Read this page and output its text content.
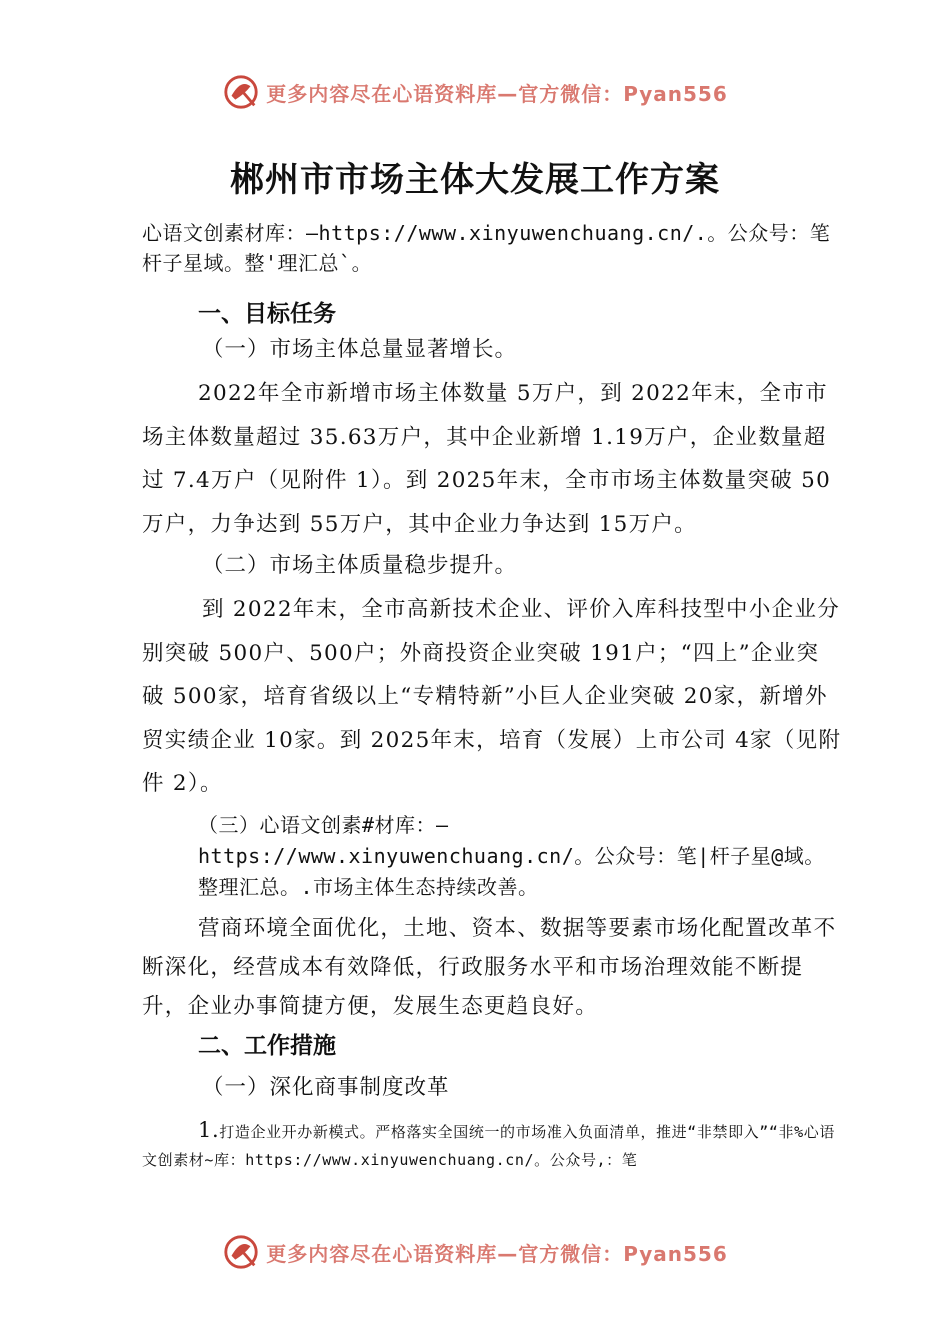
更多内容尽在心语资料库—官方微信：Pyan556
郴州市市场主体大发展工作方案

心语文创素材库：—https://www.xinyuwenchuang.cn/.。公众号：笔杆子星域。整'理汇总`。

一、目标任务

（一）市场主体总量显著增长。

2022年全市新增市场主体数量 5万户，到 2022年末，全市市场主体数量超过 35.63万户，其中企业新增 1.19万户，企业数量超过 7.4万户（见附件 1）。到 2025年末，全市市场主体数量突破 50万户，力争达到 55万户，其中企业力争达到 15万户。

（二）市场主体质量稳步提升。

到 2022年末，全市高新技术企业、评价入库科技型中小企业分别突破 500户、500户；外商投资企业突破 191户；“四上”企业突破 500家，培育省级以上“专精特新”小巨人企业突破 20家，新增外贸实绩企业 10家。到 2025年末，培育（发展）上市公司 4家（见附件 2）。

（三）心语文创素#材库：—https://www.xinyuwenchuang.cn/。公众号：笔|杆子星@域。整理汇总。.市场主体生态持续改善。

营商环境全面优化，土地、资本、数据等要素市场化配置改革不断深化，经营成本有效降低，行政服务水平和市场治理效能不断提升，企业办事简捷方便，发展生态更趋良好。

二、工作措施

（一）深化商事制度改革

1.打造企业开办新模式。严格落实全国统一的市场准入负面清单，推进“非禁即入”“非%心语文创素材~库：https://www.xinyuwenchuang.cn/。公众号,：笔

更多内容尽在心语资料库—官方微信：Pyan556
